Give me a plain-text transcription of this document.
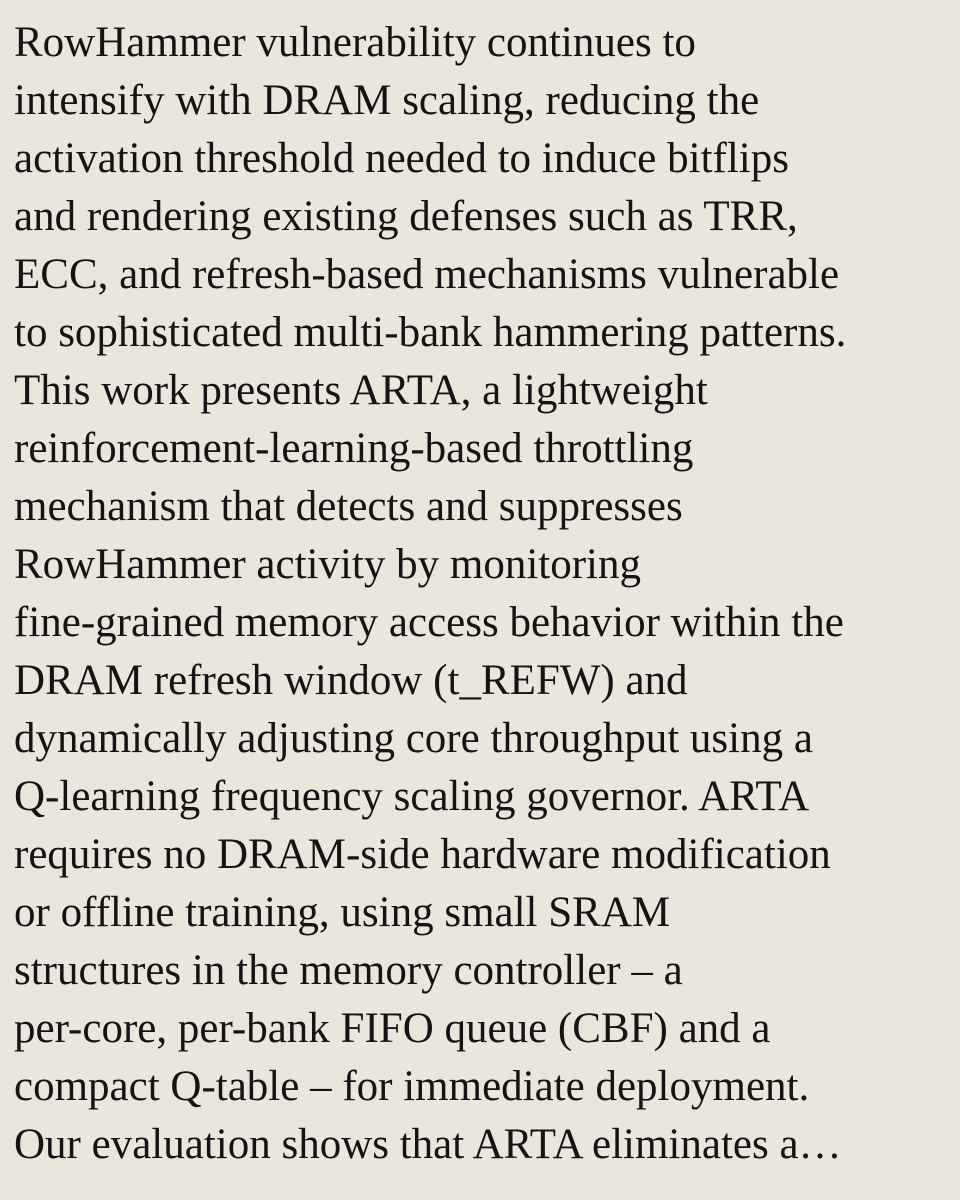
RowHammer vulnerability continues to
intensify with DRAM scaling, reducing the
activation threshold needed to induce bitflips
and rendering existing defenses such as TRR,
ECC, and refresh-based mechanisms vulnerable
to sophisticated multi-bank hammering patterns.
This work presents ARTA, a lightweight
reinforcement-learning-based throttling
mechanism that detects and suppresses
RowHammer activity by monitoring
fine-grained memory access behavior within the
DRAM refresh window (t_REFW) and
dynamically adjusting core throughput using a
Q-learning frequency scaling governor. ARTA
requires no DRAM-side hardware modification
or offline training, using small SRAM
structures in the memory controller – a
per-core, per-bank FIFO queue (CBF) and a
compact Q-table – for immediate deployment.
Our evaluation shows that ARTA eliminates a…
